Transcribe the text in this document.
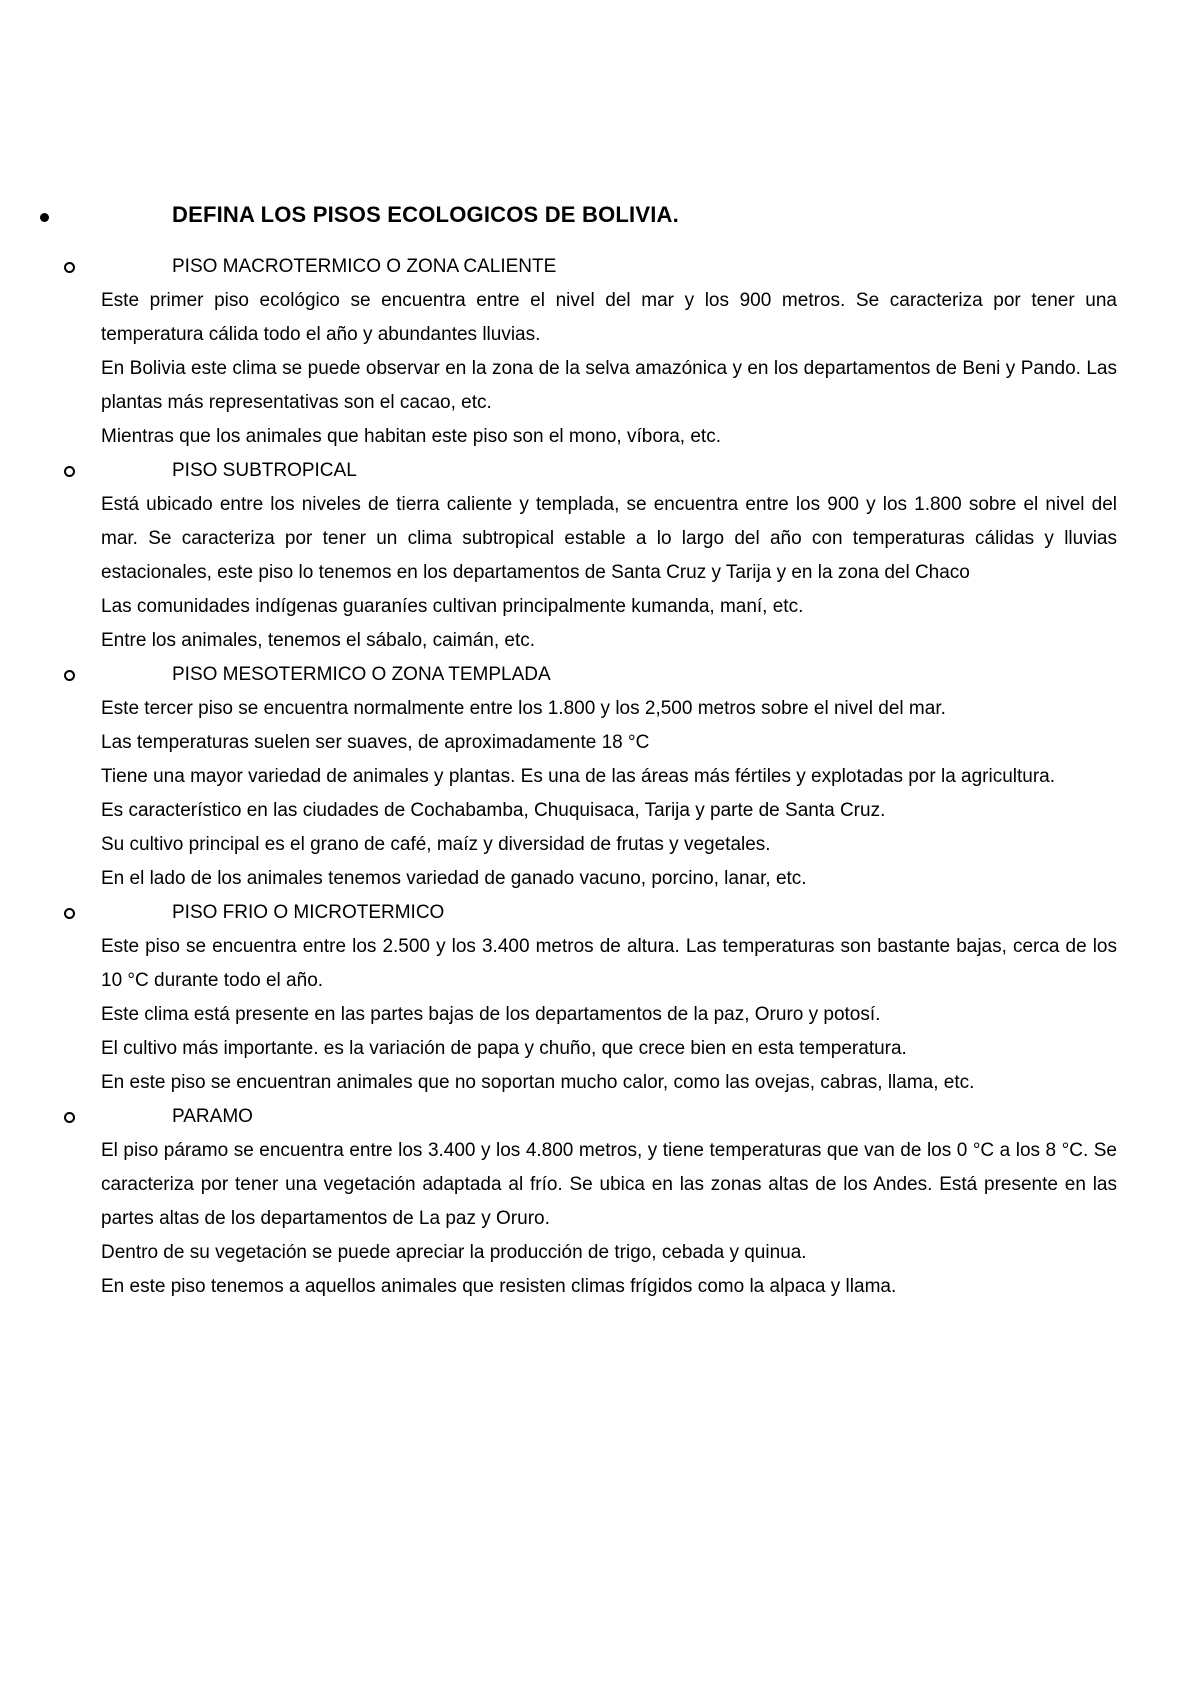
DEFINA LOS PISOS ECOLOGICOS DE BOLIVIA.
PISO MACROTERMICO O ZONA CALIENTE

Este primer piso ecológico se encuentra entre el nivel del mar y los 900 metros. Se caracteriza por tener una temperatura cálida todo el año y abundantes lluvias.

En Bolivia este clima se puede observar en la zona de la selva amazónica y en los departamentos de Beni y Pando. Las plantas más representativas son el cacao, etc.

Mientras que los animales que habitan este piso son el mono, víbora, etc.

PISO SUBTROPICAL

Está ubicado entre los niveles de tierra caliente y templada, se encuentra entre los 900 y los 1.800 sobre el nivel del mar. Se caracteriza por tener un clima subtropical estable a lo largo del año con temperaturas cálidas y lluvias estacionales, este piso lo tenemos en los departamentos de Santa Cruz y Tarija y en la zona del Chaco

Las comunidades indígenas guaraníes cultivan principalmente kumanda, maní, etc.

Entre los animales, tenemos el sábalo, caimán, etc.

PISO MESOTERMICO O ZONA TEMPLADA

Este tercer piso se encuentra normalmente entre los 1.800 y los 2,500 metros sobre el nivel del mar.

Las temperaturas suelen ser suaves, de aproximadamente 18 °C

Tiene una mayor variedad de animales y plantas. Es una de las áreas más fértiles y explotadas por la agricultura.

Es característico en las ciudades de Cochabamba, Chuquisaca, Tarija y parte de Santa Cruz.

Su cultivo principal es el grano de café, maíz y diversidad de frutas y vegetales.

En el lado de los animales tenemos variedad de ganado vacuno, porcino, lanar, etc.

PISO FRIO O MICROTERMICO

Este piso se encuentra entre los 2.500 y los 3.400 metros de altura. Las temperaturas son bastante bajas, cerca de los 10 °C durante todo el año.

Este clima está presente en las partes bajas de los departamentos de la paz, Oruro y potosí.

El cultivo más importante. es la variación de papa y chuño, que crece bien en esta temperatura.

En este piso se encuentran animales que no soportan mucho calor, como las ovejas, cabras, llama, etc.

PARAMO

El piso páramo se encuentra entre los 3.400 y los 4.800 metros, y tiene temperaturas que van de los 0 °C a los 8 °C. Se caracteriza por tener una vegetación adaptada al frío. Se ubica en las zonas altas de los Andes. Está presente en las partes altas de los departamentos de La paz y Oruro.

Dentro de su vegetación se puede apreciar la producción de trigo, cebada y quinua.

En este piso tenemos a aquellos animales que resisten climas frígidos como la alpaca y llama.
